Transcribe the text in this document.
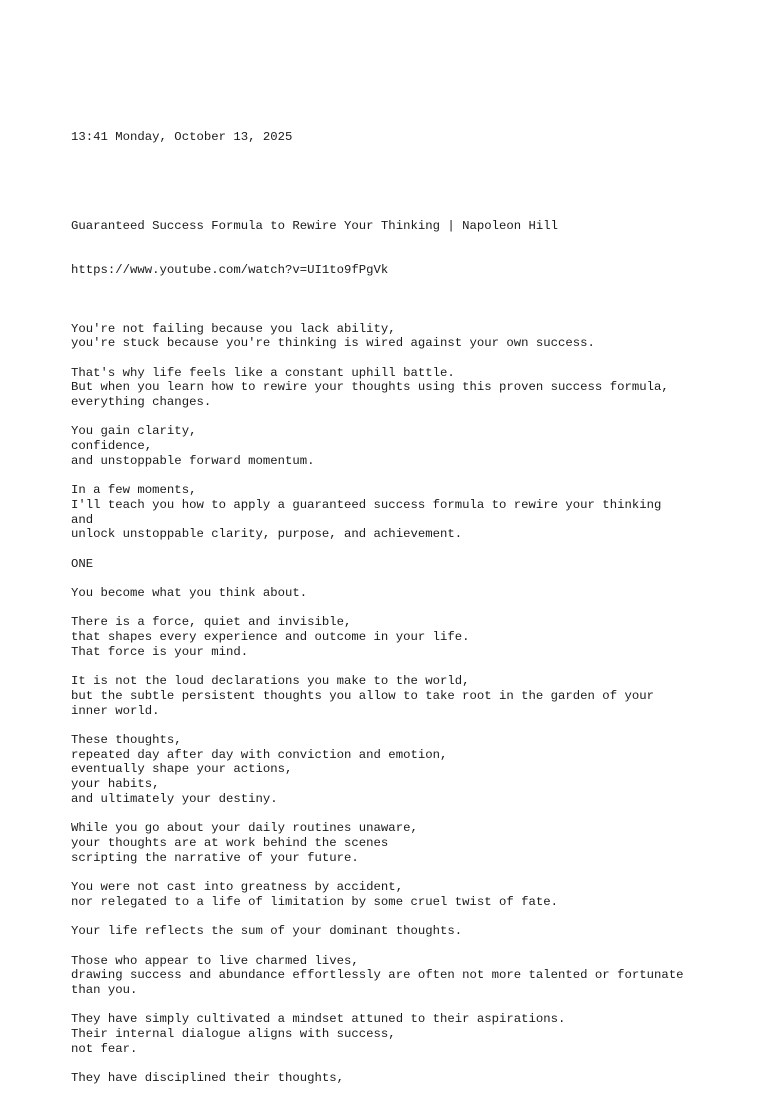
13:41 Monday, October 13, 2025

Guaranteed Success Formula to Rewire Your Thinking | Napoleon Hill

https://www.youtube.com/watch?v=UI1to9fPgVk

You're not failing because you lack ability,
you're stuck because you're thinking is wired against your own success.
That's why life feels like a constant uphill battle.
But when you learn how to rewire your thoughts using this proven success formula,
everything changes.
You gain clarity,
confidence,
and unstoppable forward momentum.
In a few moments,
I'll teach you how to apply a guaranteed success formula to rewire your thinking
and
unlock unstoppable clarity, purpose, and achievement.
ONE
You become what you think about.
There is a force, quiet and invisible,
that shapes every experience and outcome in your life.
That force is your mind.
It is not the loud declarations you make to the world,
but the subtle persistent thoughts you allow to take root in the garden of your
inner world.
These thoughts,
repeated day after day with conviction and emotion,
eventually shape your actions,
your habits,
and ultimately your destiny.
While you go about your daily routines unaware,
your thoughts are at work behind the scenes
scripting the narrative of your future.
You were not cast into greatness by accident,
nor relegated to a life of limitation by some cruel twist of fate.
Your life reflects the sum of your dominant thoughts.
Those who appear to live charmed lives,
drawing success and abundance effortlessly are often not more talented or fortunate
than you.
They have simply cultivated a mindset attuned to their aspirations.
Their internal dialogue aligns with success,
not fear.
They have disciplined their thoughts,
